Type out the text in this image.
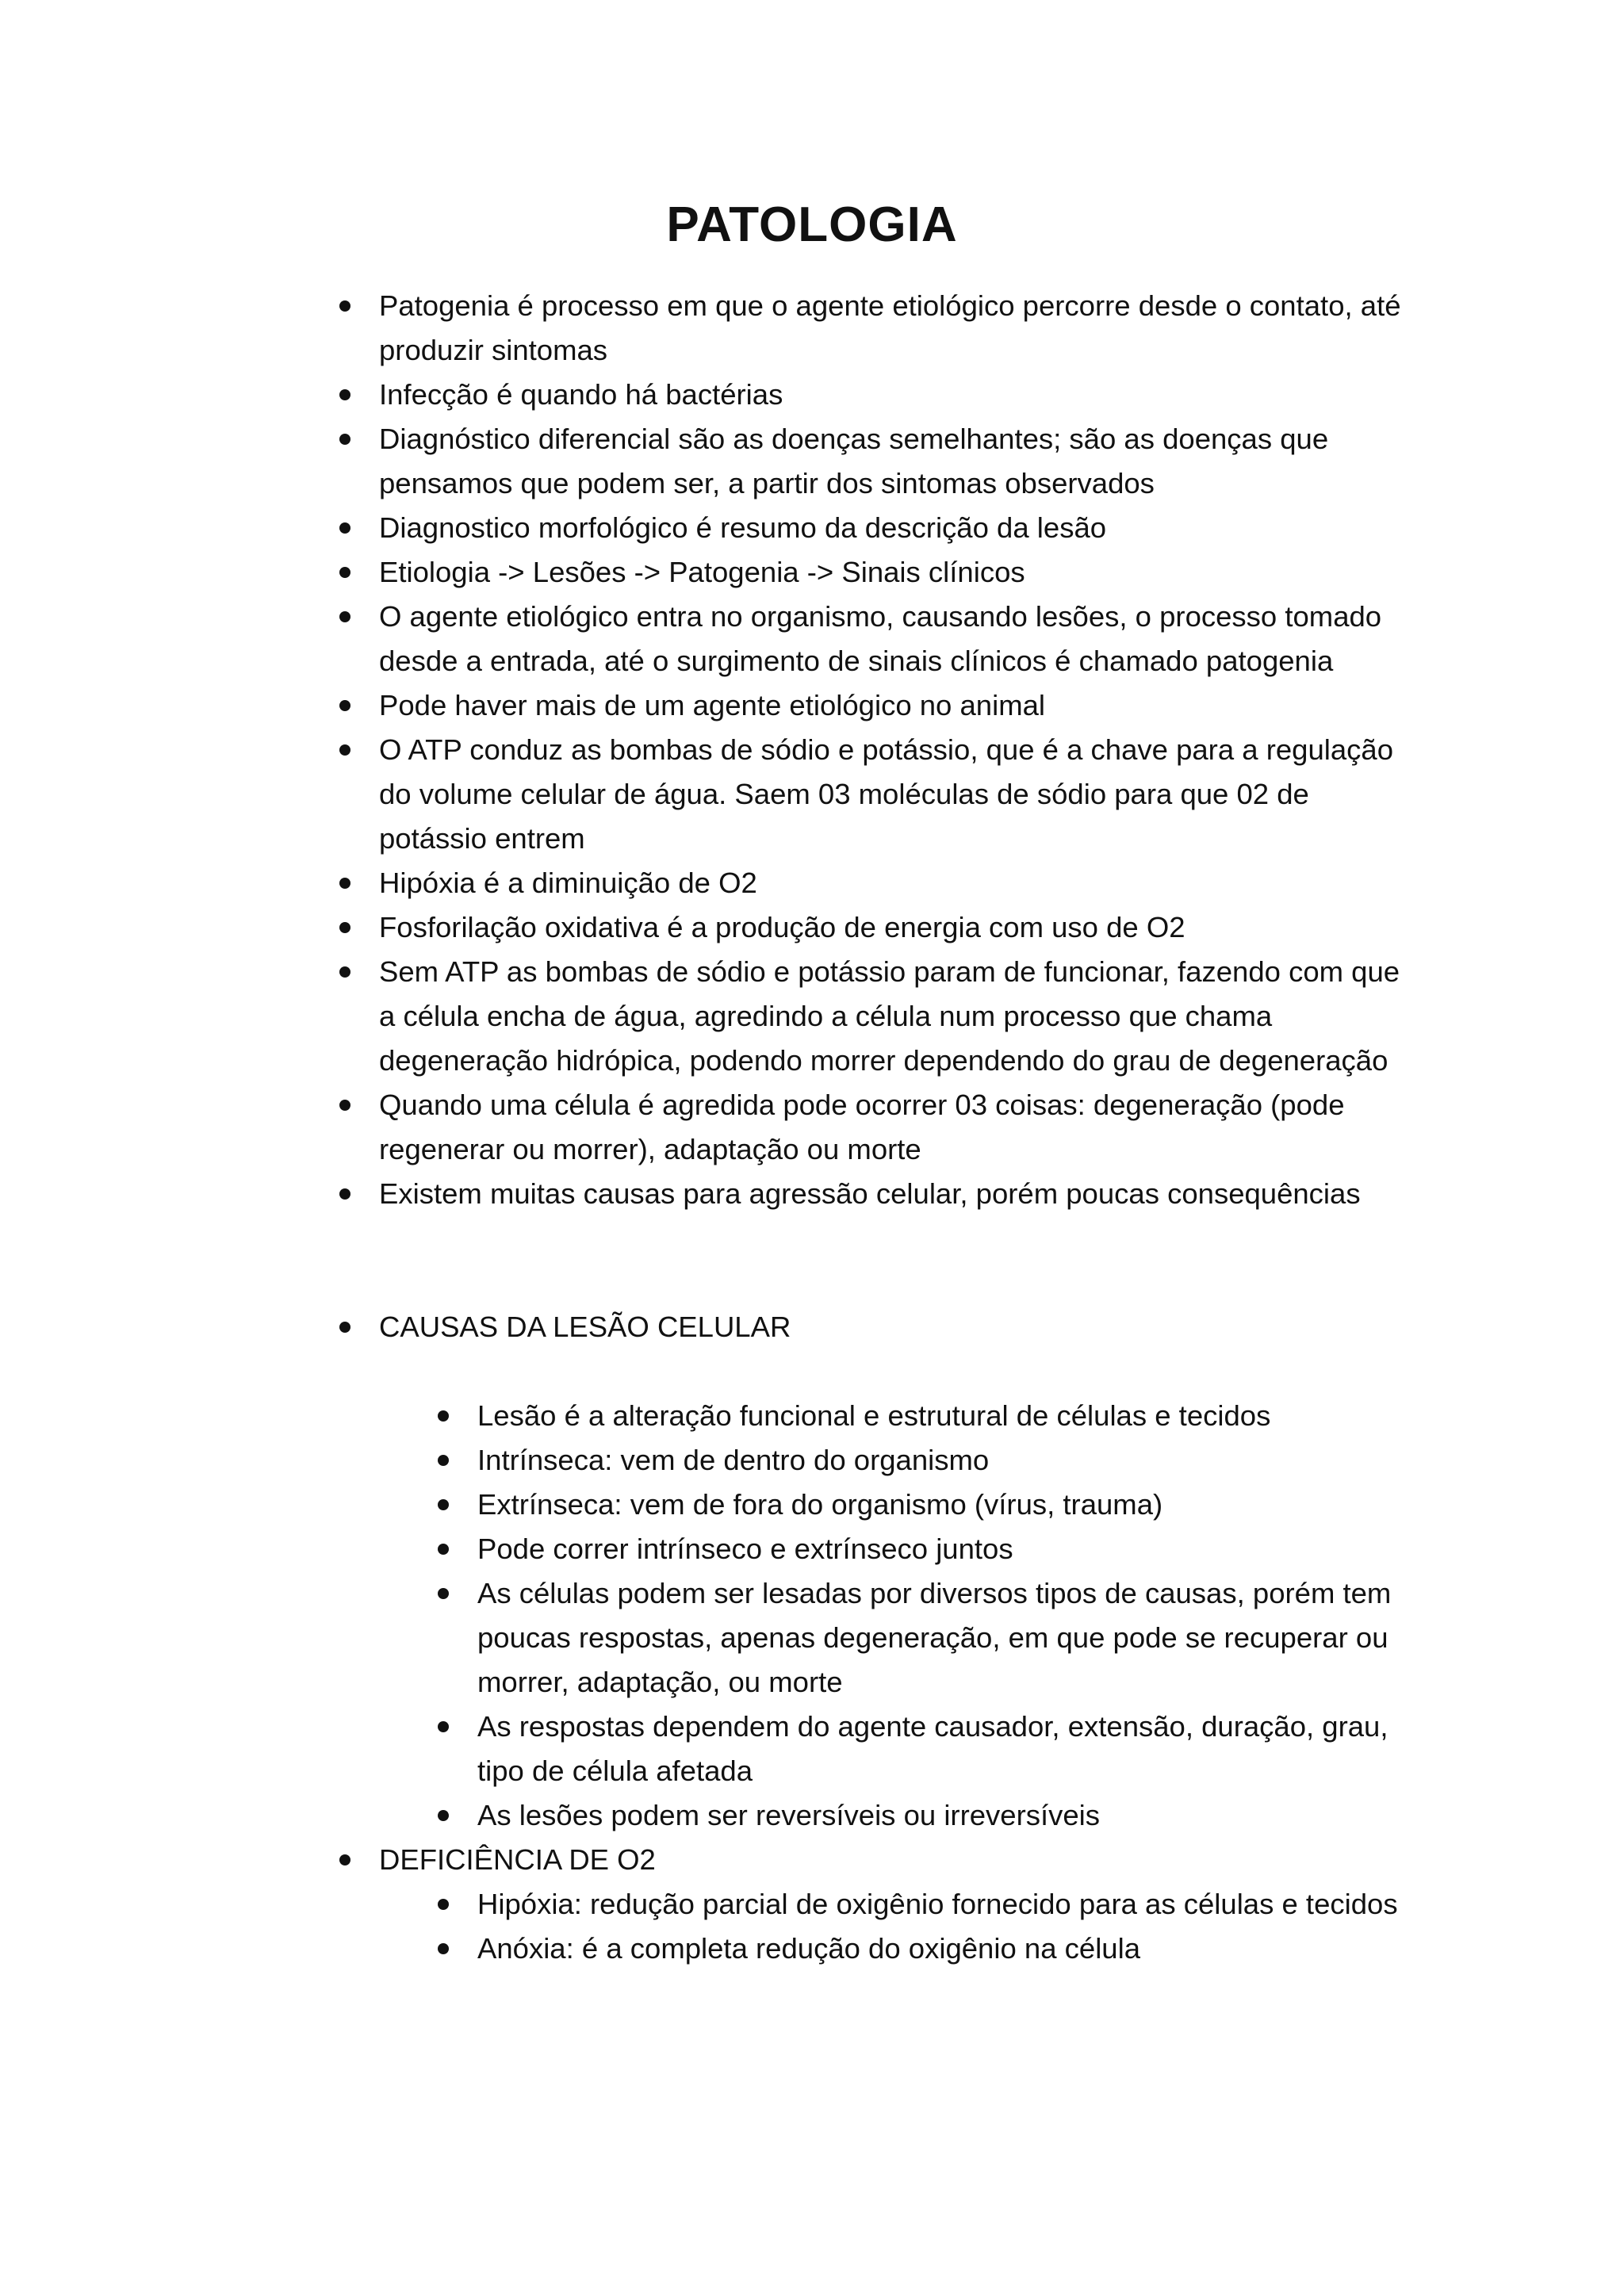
PATOLOGIA
Patogenia é processo em que o agente etiológico percorre desde o contato, até produzir sintomas
Infecção é quando há bactérias
Diagnóstico diferencial são as doenças semelhantes; são as doenças que pensamos que podem ser, a partir dos sintomas observados
Diagnostico morfológico é resumo da descrição da lesão
Etiologia -> Lesões -> Patogenia -> Sinais clínicos
O agente etiológico entra no organismo, causando lesões, o processo tomado desde a entrada, até o surgimento de sinais clínicos é chamado patogenia
Pode haver mais de um agente etiológico no animal
O ATP conduz as bombas de sódio e potássio, que é a chave para a regulação do volume celular de água. Saem 03 moléculas de sódio para que 02 de potássio entrem
Hipóxia é a diminuição de O2
Fosforilação oxidativa é a produção de energia com uso de O2
Sem ATP as bombas de sódio e potássio param de funcionar, fazendo com que a célula encha de água, agredindo a célula num processo que chama degeneração hidrópica, podendo morrer dependendo do grau de degeneração
Quando uma célula é agredida pode ocorrer 03 coisas: degeneração (pode regenerar ou morrer), adaptação ou morte
Existem muitas causas para agressão celular, porém poucas consequências
CAUSAS DA LESÃO CELULAR
Lesão é a alteração funcional e estrutural de células e tecidos
Intrínseca: vem de dentro do organismo
Extrínseca: vem de fora do organismo (vírus, trauma)
Pode correr intrínseco e extrínseco juntos
As células podem ser lesadas por diversos tipos de causas, porém tem poucas respostas, apenas degeneração, em que pode se recuperar ou morrer, adaptação, ou morte
As respostas dependem do agente causador, extensão, duração, grau, tipo de célula afetada
As lesões podem ser reversíveis ou irreversíveis
DEFICIÊNCIA DE O2
Hipóxia: redução parcial de oxigênio fornecido para as células e tecidos
Anóxia: é a completa redução do oxigênio na célula
